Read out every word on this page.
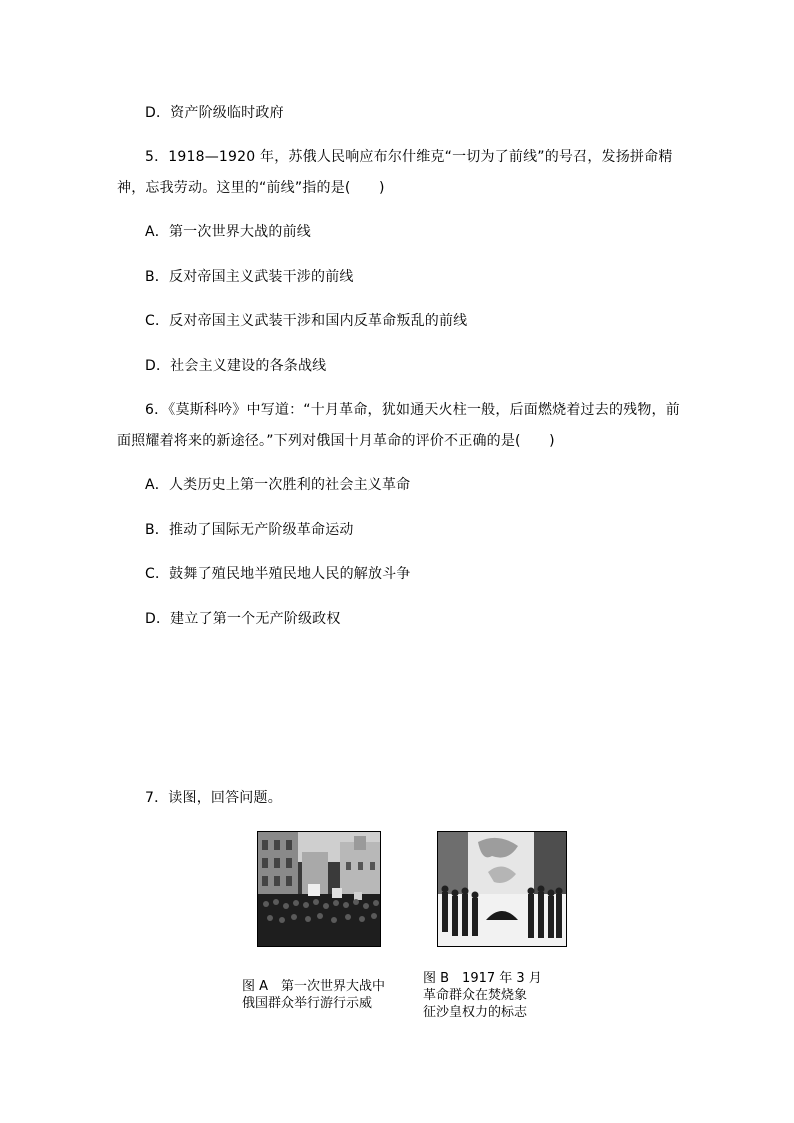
D．资产阶级临时政府
5．1918—1920 年，苏俄人民响应布尔什维克“一切为了前线”的号召，发扬拼命精
神，忘我劳动。这里的“前线”指的是(　　)
A．第一次世界大战的前线
B．反对帝国主义武装干涉的前线
C．反对帝国主义武装干涉和国内反革命叛乱的前线
D．社会主义建设的各条战线
6．《莫斯科吟》中写道：“十月革命，犹如通天火柱一般，后面燃烧着过去的残物，前
面照耀着将来的新途径。”下列对俄国十月革命的评价不正确的是(　　)
A．人类历史上第一次胜利的社会主义革命
B．推动了国际无产阶级革命运动
C．鼓舞了殖民地半殖民地人民的解放斗争
D．建立了第一个无产阶级政权
7．读图，回答问题。
图 A　第一次世界大战中
俄国群众举行游行示威
图 B　1917 年 3 月
革命群众在焚烧象
征沙皇权力的标志
